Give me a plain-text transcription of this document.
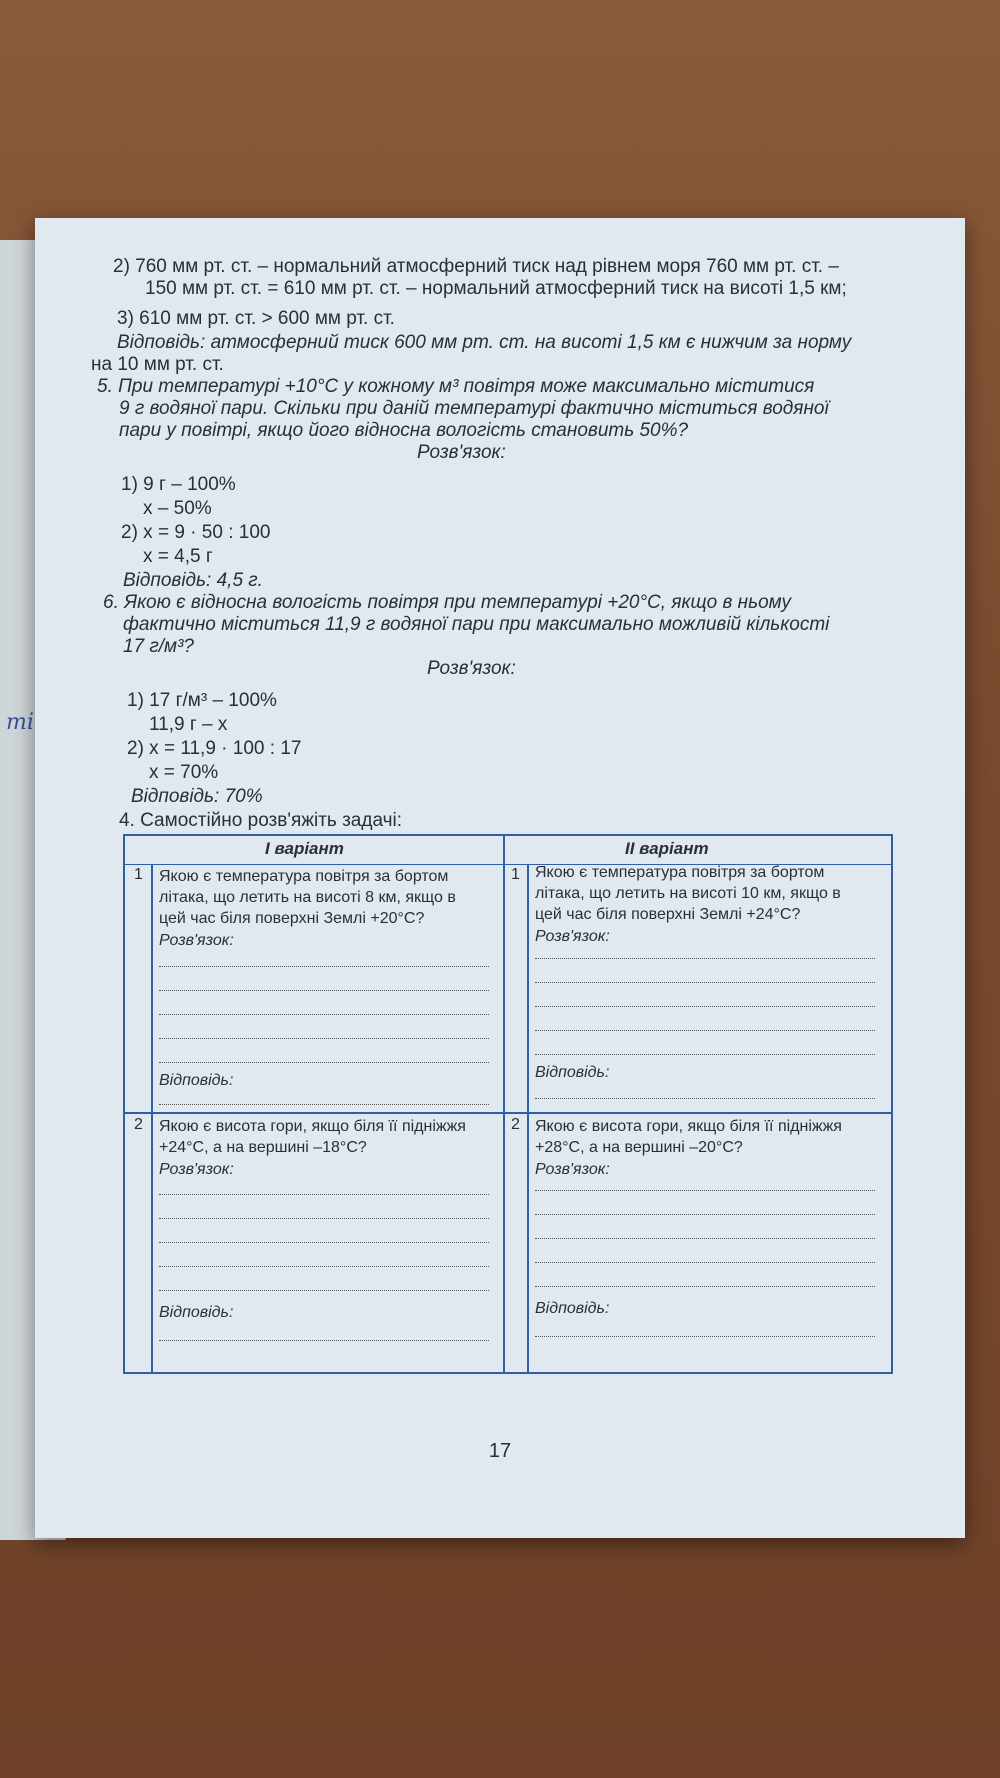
mi
2) 760 мм рт. ст. – нормальний атмосферний тиск над рівнем моря 760 мм рт. ст. –
150 мм рт. ст. = 610 мм рт. ст. – нормальний атмосферний тиск на висоті 1,5 км;
3) 610 мм рт. ст. > 600 мм рт. ст.
Відповідь: атмосферний тиск 600 мм рт. ст. на висоті 1,5 км є нижчим за норму
на 10 мм рт. ст.
5. При температурі +10°С у кожному м³ повітря може максимально міститися
9 г водяної пари. Скільки при даній температурі фактично міститься водяної
пари у повітрі, якщо його відносна вологість становить 50%?
Розв'язок:
1) 9 г – 100%
х – 50%
2) х = 9 · 50 : 100
х = 4,5 г
Відповідь: 4,5 г.
6. Якою є відносна вологість повітря при температурі +20°С, якщо в ньому
фактично міститься 11,9 г водяної пари при максимально можливій кількості
17 г/м³?
Розв'язок:
1) 17 г/м³ – 100%
11,9 г – х
2) х = 11,9 · 100 : 17
х = 70%
Відповідь: 70%
4. Самостійно розв'яжіть задачі:
I варіант	II варіант
1 Якою є температура повітря за бортом
літака, що летить на висоті 8 км, якщо в
цей час біля поверхні Землі +20°С?
Розв'язок:
Відповідь:
1 Якою є температура повітря за бортом
літака, що летить на висоті 10 км, якщо в
цей час біля поверхні Землі +24°С?
Розв'язок:
Відповідь:
2 Якою є висота гори, якщо біля її підніжжя
+24°С, а на вершині –18°С?
Розв'язок:
Відповідь:
2 Якою є висота гори, якщо біля її підніжжя
+28°С, а на вершині –20°С?
Розв'язок:
Відповідь:
17
